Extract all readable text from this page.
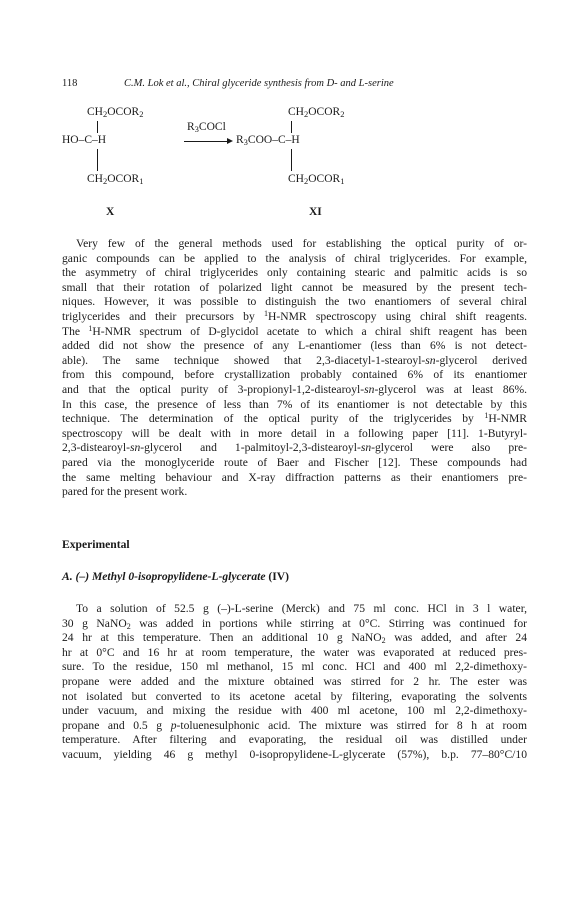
118	C.M. Lok et al., Chiral glyceride synthesis from D- and L-serine
$CH_2OCOR_2$
HO–C–H
$CH_2OCOR_1$
X
$R_3COCl$
$CH_2OCOR_2$
$R_3COO-C-H$
$CH_2OCOR_1$
XI
Very few of the general methods used for establishing the optical purity of or-
ganic compounds can be applied to the analysis of chiral triglycerides. For example,
the asymmetry of chiral triglycerides only containing stearic and palmitic acids is so
small that their rotation of polarized light cannot be measured by the present tech-
niques. However, it was possible to distinguish the two enantiomers of several chiral
triglycerides and their precursors by $^1$H-NMR spectroscopy using chiral shift reagents.
The $^1$H-NMR spectrum of D-glycidol acetate to which a chiral shift reagent has been
added did not show the presence of any L-enantiomer (less than 6% is not detect-
able). The same technique showed that 2,3-diacetyl-1-stearoyl-sn-glycerol derived
from this compound, before crystallization probably contained 6% of its enantiomer
and that the optical purity of 3-propionyl-1,2-distearoyl-sn-glycerol was at least 86%.
In this case, the presence of less than 7% of its enantiomer is not detectable by this
technique. The determination of the optical purity of the triglycerides by $^1$H-NMR
spectroscopy will be dealt with in more detail in a following paper [11]. 1-Butyryl-
2,3-distearoyl-sn-glycerol and 1-palmitoyl-2,3-distearoyl-sn-glycerol were also pre-
pared via the monoglyceride route of Baer and Fischer [12]. These compounds had
the same melting behaviour and X-ray diffraction patterns as their enantiomers pre-
pared for the present work.
Experimental
A. (–) Methyl 0-isopropylidene-L-glycerate (IV)
To a solution of 52.5 g (–)-L-serine (Merck) and 75 ml conc. HCl in 3 l water,
30 g NaNO$_2$ was added in portions while stirring at 0°C. Stirring was continued for
24 hr at this temperature. Then an additional 10 g NaNO$_2$ was added, and after 24
hr at 0°C and 16 hr at room temperature, the water was evaporated at reduced pres-
sure. To the residue, 150 ml methanol, 15 ml conc. HCl and 400 ml 2,2-dimethoxy-
propane were added and the mixture obtained was stirred for 2 hr. The ester was
not isolated but converted to its acetone acetal by filtering, evaporating the solvents
under vacuum, and mixing the residue with 400 ml acetone, 100 ml 2,2-dimethoxy-
propane and 0.5 g p-toluenesulphonic acid. The mixture was stirred for 8 h at room
temperature. After filtering and evaporating, the residual oil was distilled under
vacuum, yielding 46 g methyl 0-isopropylidene-L-glycerate (57%), b.p. 77–80°C/10
